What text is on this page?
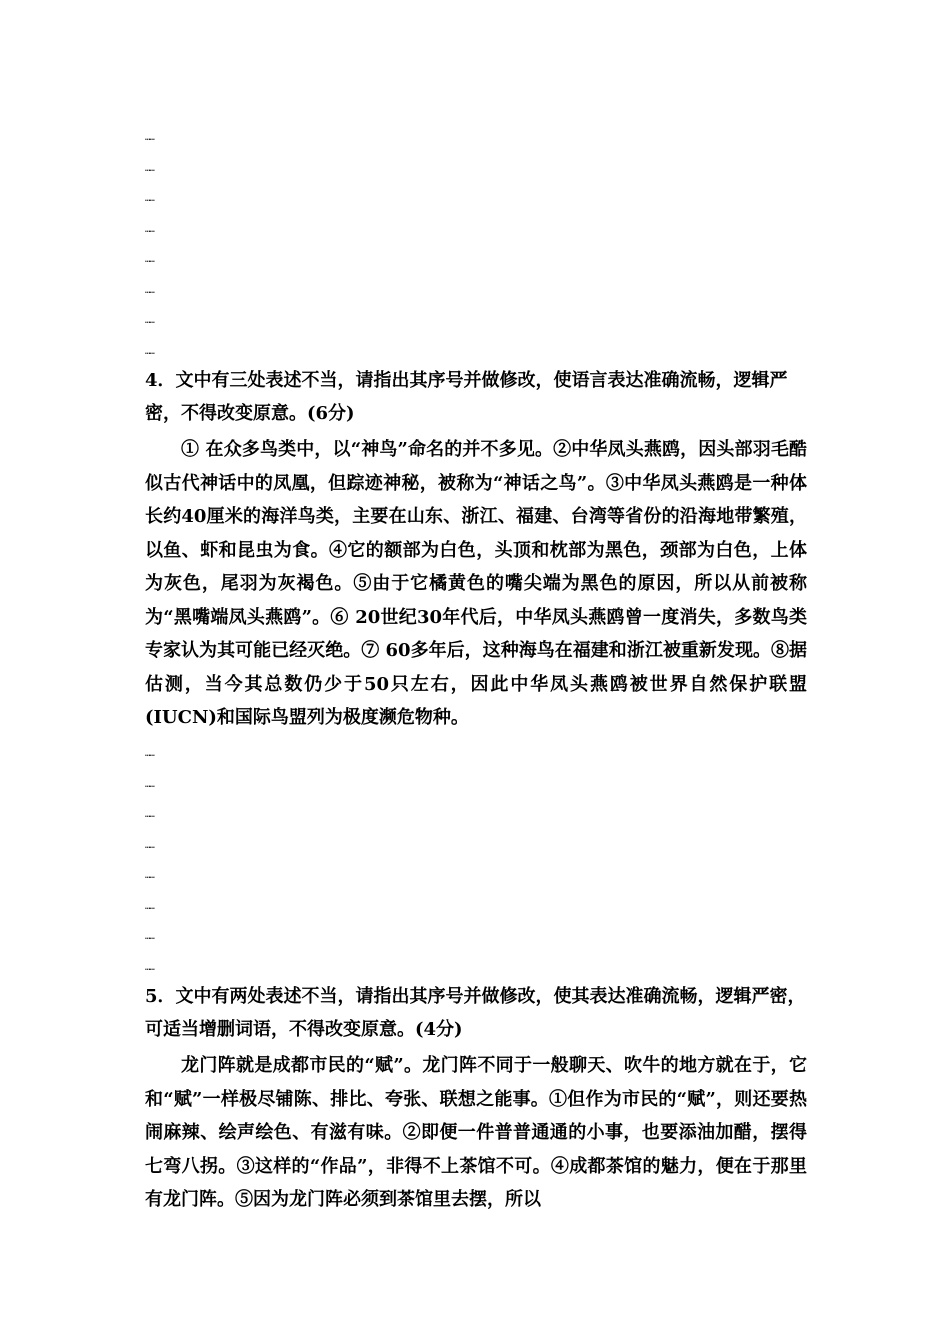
……
……
……
……
……
……
……
……
4．文中有三处表述不当，请指出其序号并做修改，使语言表达准确流畅，逻辑严密，不得改变原意。(6分)
① 在众多鸟类中，以“神鸟”命名的并不多见。②中华凤头燕鸥，因头部羽毛酷似古代神话中的凤凰，但踪迹神秘，被称为“神话之鸟”。③中华凤头燕鸥是一种体长约40厘米的海洋鸟类，主要在山东、浙江、福建、台湾等省份的沿海地带繁殖，以鱼、虾和昆虫为食。④它的额部为白色，头顶和枕部为黑色，颈部为白色，上体为灰色，尾羽为灰褐色。⑤由于它橘黄色的嘴尖端为黑色的原因，所以从前被称为“黑嘴端凤头燕鸥”。⑥ 20世纪30年代后，中华凤头燕鸥曾一度消失，多数鸟类专家认为其可能已经灭绝。⑦ 60多年后，这种海鸟在福建和浙江被重新发现。⑧据估测，当今其总数仍少于50只左右，因此中华凤头燕鸥被世界自然保护联盟(IUCN)和国际鸟盟列为极度濒危物种。
……
……
……
……
……
……
……
……
5．文中有两处表述不当，请指出其序号并做修改，使其表达准确流畅，逻辑严密，可适当增删词语，不得改变原意。(4分)
龙门阵就是成都市民的“赋”。龙门阵不同于一般聊天、吹牛的地方就在于，它和“赋”一样极尽铺陈、排比、夸张、联想之能事。①但作为市民的“赋”，则还要热闹麻辣、绘声绘色、有滋有味。②即便一件普普通通的小事，也要添油加醋，摆得七弯八拐。③这样的“作品”，非得不上茶馆不可。④成都茶馆的魅力，便在于那里有龙门阵。⑤因为龙门阵必须到茶馆里去摆，所以
